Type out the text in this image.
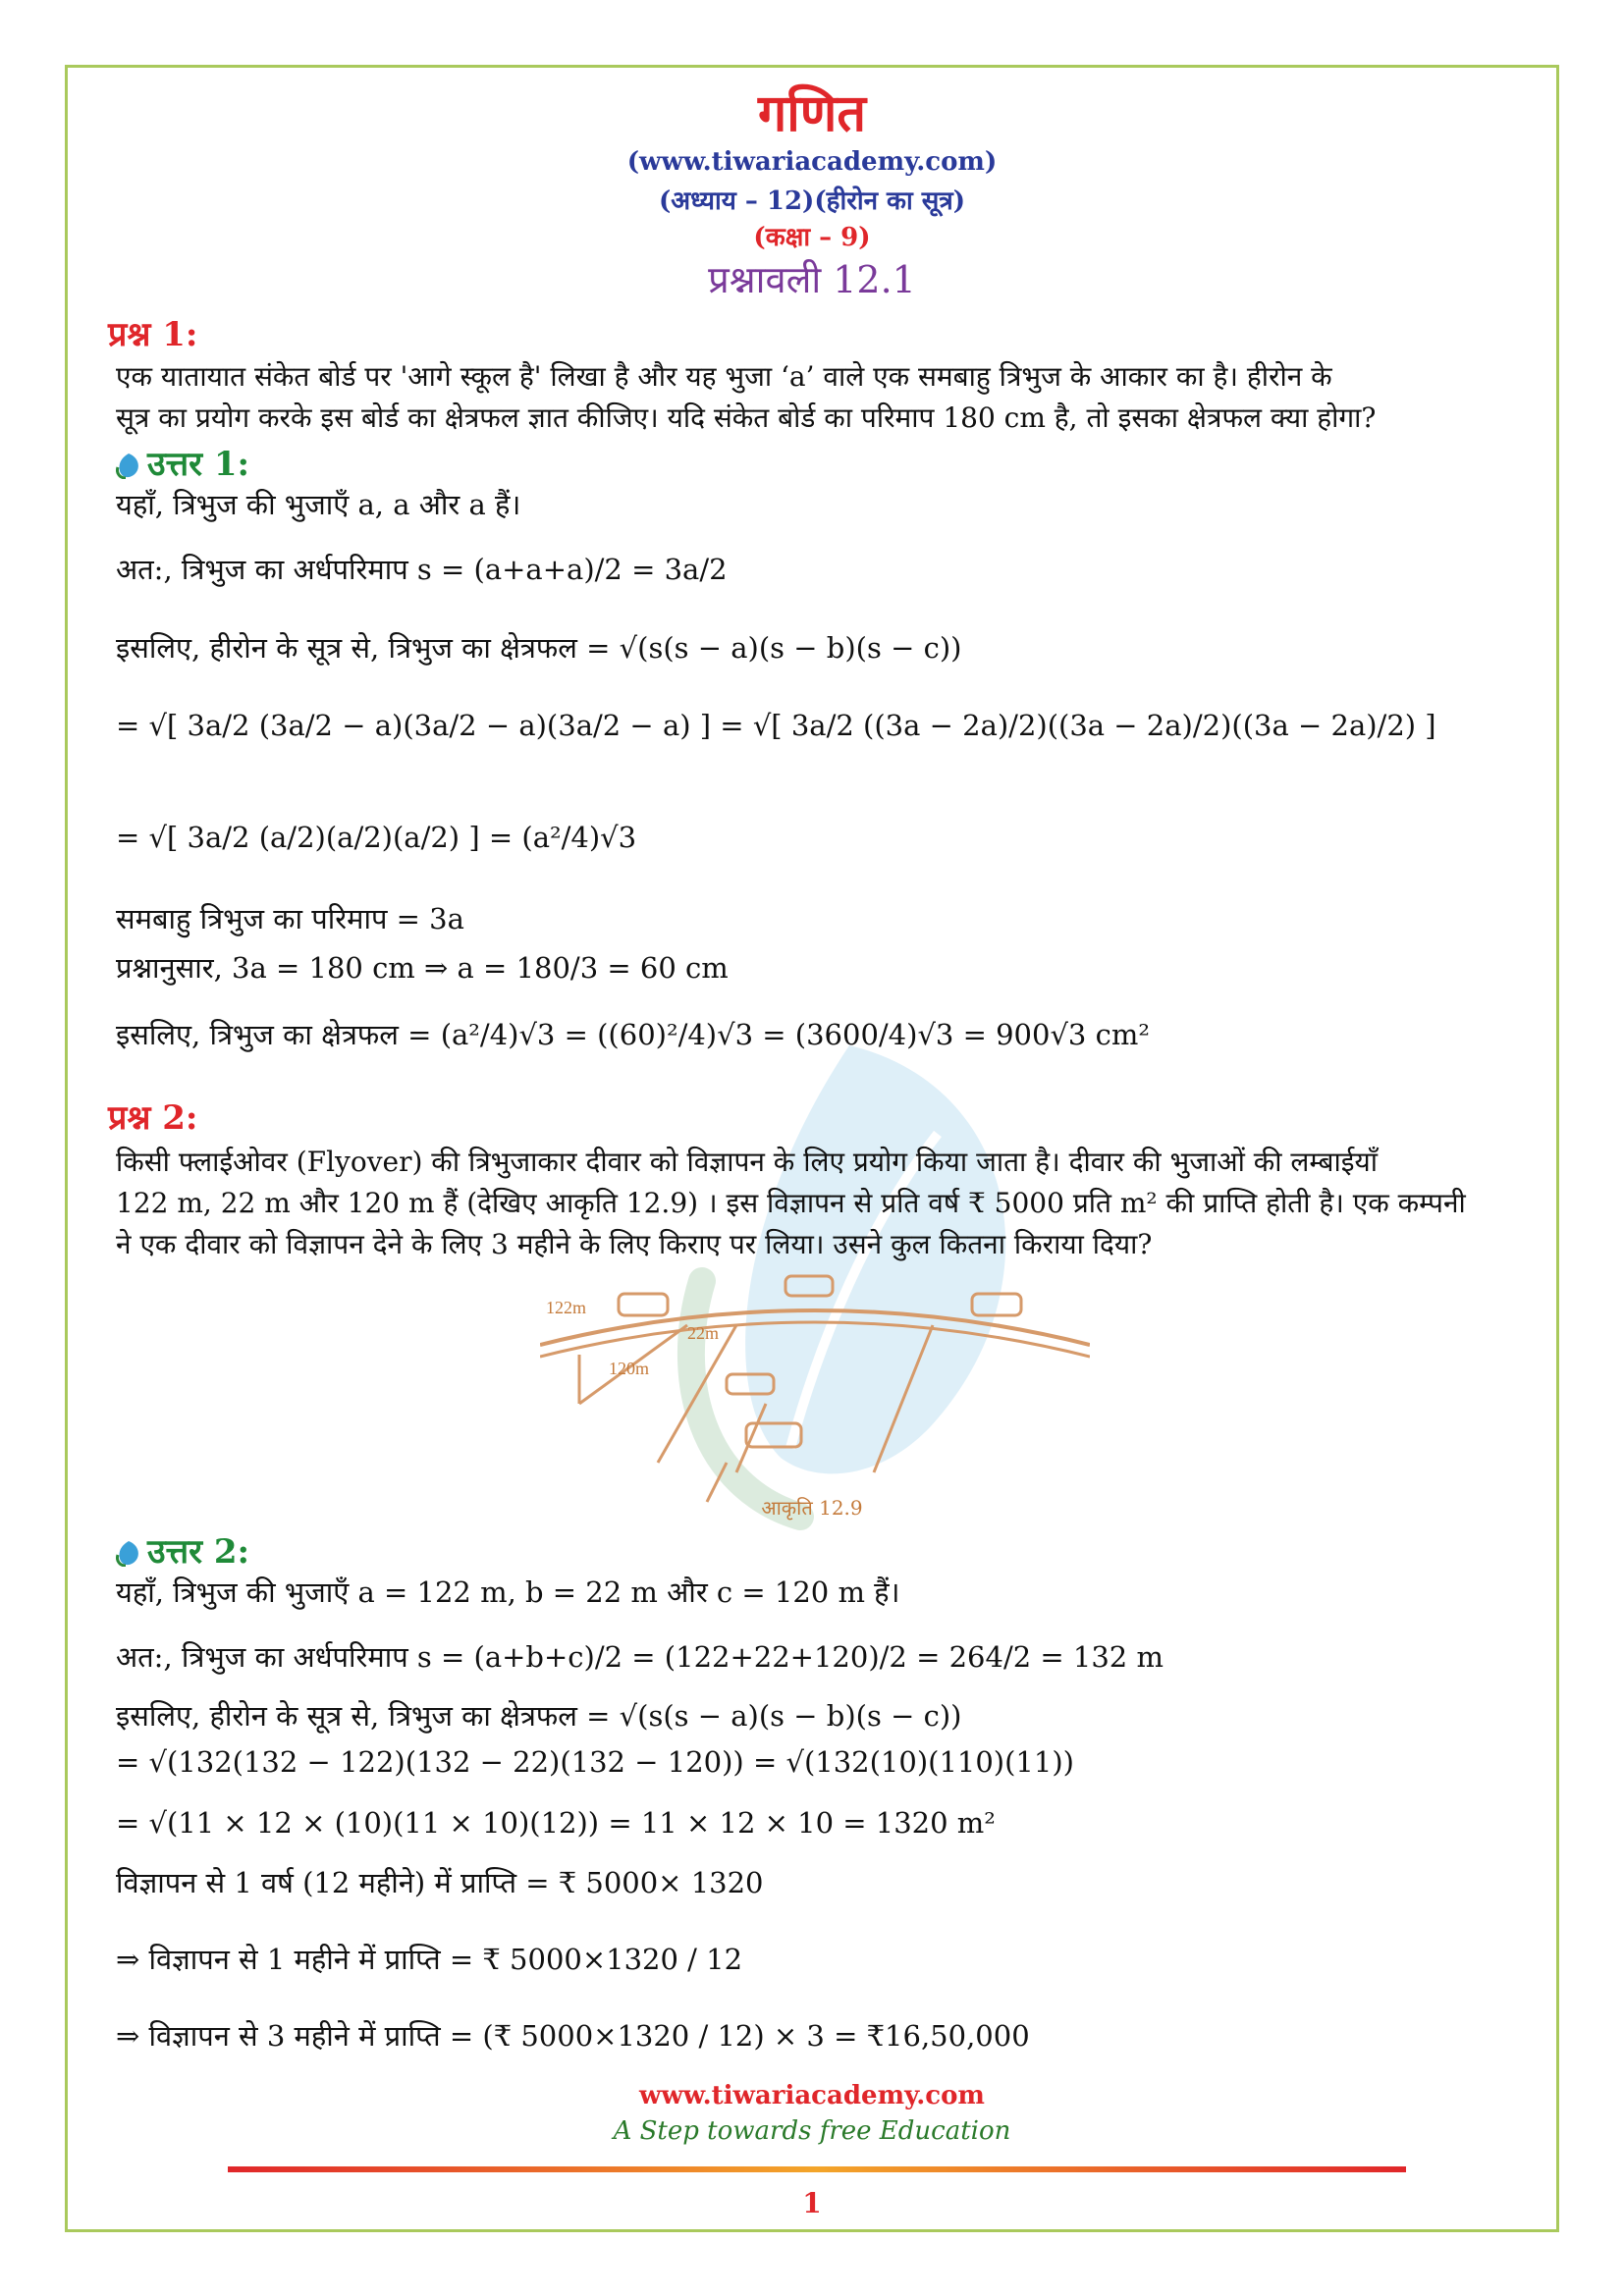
गणित
(www.tiwariacademy.com)
(अध्याय – 12)(हीरोन का सूत्र)
(कक्षा – 9)
प्रश्नावली 12.1
प्रश्न 1:
एक यातायात संकेत बोर्ड पर 'आगे स्कूल है' लिखा है और यह भुजा ‘a’ वाले एक समबाहु त्रिभुज के आकार का है। हीरोन के
सूत्र का प्रयोग करके इस बोर्ड का क्षेत्रफल ज्ञात कीजिए। यदि संकेत बोर्ड का परिमाप 180 cm है, तो इसका क्षेत्रफल क्या होगा?
उत्तर 1:
यहाँ, त्रिभुज की भुजाएँ a, a और a हैं।
अत:, त्रिभुज का अर्धपरिमाप s = (a+a+a)/2 = 3a/2
इसलिए, हीरोन के सूत्र से, त्रिभुज का क्षेत्रफल = √(s(s − a)(s − b)(s − c))
= √[ 3a/2 (3a/2 − a)(3a/2 − a)(3a/2 − a) ] = √[ 3a/2 ((3a − 2a)/2)((3a − 2a)/2)((3a − 2a)/2) ]
= √[ 3a/2 (a/2)(a/2)(a/2) ] = (a²/4)√3
समबाहु त्रिभुज का परिमाप = 3a
प्रश्नानुसार, 3a = 180 cm ⇒ a = 180/3 = 60 cm
इसलिए, त्रिभुज का क्षेत्रफल = (a²/4)√3 = ((60)²/4)√3 = (3600/4)√3 = 900√3 cm²
प्रश्न 2:
किसी फ्लाईओवर (Flyover) की त्रिभुजाकार दीवार को विज्ञापन के लिए प्रयोग किया जाता है। दीवार की भुजाओं की लम्बाईयाँ
122 m, 22 m और 120 m हैं (देखिए आकृति 12.9) । इस विज्ञापन से प्रति वर्ष ₹ 5000 प्रति m² की प्राप्ति होती है। एक कम्पनी
ने एक दीवार को विज्ञापन देने के लिए 3 महीने के लिए किराए पर लिया। उसने कुल कितना किराया दिया?
122m
22m
120m
आकृति 12.9
उत्तर 2:
यहाँ, त्रिभुज की भुजाएँ a = 122 m, b = 22 m और c = 120 m हैं।
अत:, त्रिभुज का अर्धपरिमाप s = (a+b+c)/2 = (122+22+120)/2 = 264/2 = 132 m
इसलिए, हीरोन के सूत्र से, त्रिभुज का क्षेत्रफल = √(s(s − a)(s − b)(s − c))
= √(132(132 − 122)(132 − 22)(132 − 120)) = √(132(10)(110)(11))
= √(11 × 12 × (10)(11 × 10)(12)) = 11 × 12 × 10 = 1320 m²
विज्ञापन से 1 वर्ष (12 महीने) में प्राप्ति = ₹ 5000× 1320
⇒ विज्ञापन से 1 महीने में प्राप्ति = ₹ 5000×1320 / 12
⇒ विज्ञापन से 3 महीने में प्राप्ति = (₹ 5000×1320 / 12) × 3 = ₹16,50,000
www.tiwariacademy.com
A Step towards free Education
1
